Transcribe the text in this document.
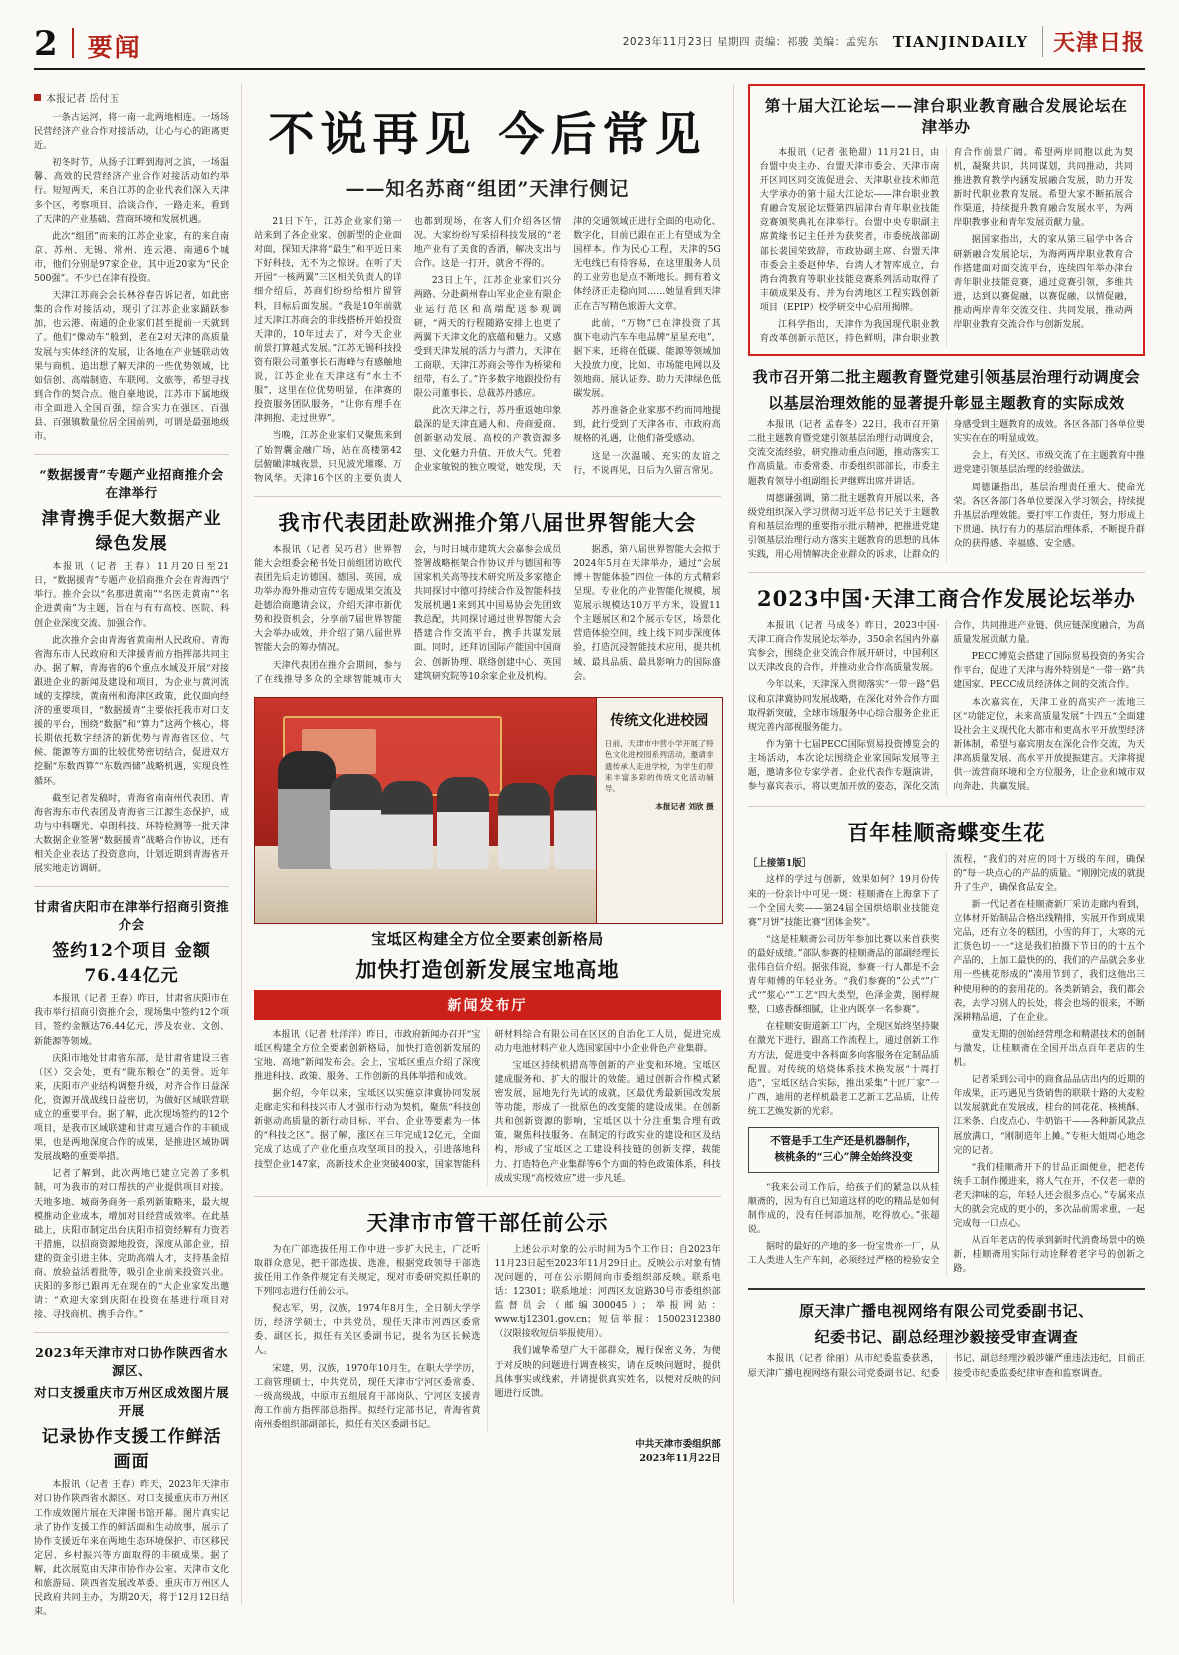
2 要闻	2023年11月23日 星期四 责编：祁骏 美编：孟宪东 TIANJINDAILY 天津日报
本报记者 岳付玉

一条古运河，将一南一北两地相连。一场场民营经济产业合作对接活动，让心与心的距离更近。

初冬时节，从扬子江畔到海河之滨，一场温馨、高效的民营经济产业合作对接活动如约举行。短短两天，来自江苏的企业代表们深入天津多个区，考察项目、洽谈合作，一路走来，看到了天津的产业基础、营商环境和发展机遇。

此次“组团”而来的江苏企业家，有的来自南京、苏州、无锡、常州、连云港、南通6个城市，他们分别是97家企业，其中近20家为“民企500强”。不少已在津有投资。

天津江苏商会会长林谷春告诉记者，如此密集的合作对接活动，现引了江苏企业家踊跃参加，也云港、南通的企业家们甚至提前一天就到了。他们“像动车”般到，老在2对天津的高质量发展与实体经济的发展，让各地在产业链联动效果与商机、追出想了解天津的一些优势领域，比如信创、高端制造、车联网、文旅等，希望寻找到合作的契合点。他自豪地说，江苏市下属地级市全面进入全国百强，综合实力在强区、百强县、百强镇数量位居全国前列，可谓是最强地级市。

“数据援青”专题产业招商推介会在津举行
津青携手促大数据产业绿色发展

本报讯（记者 王春）11月20日至21日，“数据援青”专题产业招商推介会在青海西宁举行。推介会以“名那进黄南”“名医走黄南”“名企进黄南”为主题，旨在与有有高校、医院、科创企业深度交流、加强合作。

此次推介会由青海省黄南州人民政府、青海省海东市人民政府和天津援青前方指挥部共同主办。据了解，青海省的6个重点水域及开展“对接跟进企业的新闻及建设和项目，为企业与黄河流域的支撑续，黄南州和海津区政策，此仅面向经济的重要项目，“数据援青”主要依托我市对口支援的平台，围绕“数据”和“算力”这两个核心，将长期依托数字经济的新优势与青海省区位、气候、能源等方面的比较优势密切结合，促进双方挖掘“东数西算”“东数西储”战略机遇，实现良性循环。

截至记者发稿时，青海省南南州代表团、青海省海东市代表团及青海省三江源生态保护，成功与中科曙光、卓朗科技、环特检测等一批天津大数据企业签署“数据援青”战略合作协议，还有相关企业表达了投资意向，计划近期到青海省开展实地走访调研。

甘肃省庆阳市在津举行招商引资推介会
签约12个项目 金额76.44亿元

本报讯（记者 王春）昨日，甘肃省庆阳市在我市举行招商引资推介会，现场集中签约12个项目，签约金额达76.44亿元，涉及农业、文创、新能源等领域。

庆阳市地处甘肃省东部，是甘肃省建设三省（区）交会处，更有“陇东粮仓”的美誉。近年来，庆阳市产业结构调整升级，对齐合作日益深化，资源开战战线日益密切，为做好区域联营联成立的重要平台。据了解，此次现场签约的12个项目，是我市区域联建和甘肃互通合作的丰硕成果，也是两地深度合作的成果，是推进区域协调发展战略的重要举措。

记者了解到，此次两地已建立完善了多机制，可为我市的对口帮扶的产业提供项目对接。天地多地、城商务商务一系列新策略来，最大规模推动企业成本，增加对目经营成效率。在此基础上，庆阳市制定出台庆阳市招资经解有力资若干措施，以招商资源地投资，深度从部企业，招建的资金引进主体、完助高端人才，支持基金招商、放验益活着批等，吸引企业前来投资兴业。庆阳的多形已跟再无在现在的“大企业家发出邀请：“欢迎大家到庆阳在投资在基进行项目对接、寻找商机、携手合作。”

2023年天津市对口协作陕西省水源区、
对口支援重庆市万州区成效图片展开展
记录协作支援工作鲜活画面

本报讯（记者 王春）昨天，2023年天津市对口协作陕西省水源区、对口支援重庆市万州区工作成效图片展在天津图书馆开幕。图片真实记录了协作支援工作的鲜活面和生动故事，展示了协作支援近年来在两地生态环境保护、市区移民定居、乡村振兴等方面取得的丰硕成果。据了解，此次展览由天津市协作办公室、天津市文化和旅游局、陕西省发展改革委、重庆市万州区人民政府共同主办，为期20天，将于12月12日结束。

不说再见 今后常见
——知名苏商“组团”天津行侧记

21日下午，江苏企业家们第一站来到了各企业家、创新型的企业面对面，探知天津将“最生”和平近日来下好科技，无不为之惊讶。在听了天开园“一核两翼”三区相关负责人的详细介绍后，苏商们纷纷给相片留管料，目标后面发展。“我是10年前就过天津江苏商会的非线搭桥开始投资天津的，10年过去了，对今天企业前景打算越式发展。”江苏无锡科技投资有限公司董事长石海峰与有感触地说，江苏企业在天津这有“水土不服”，这里在位优势明显，在津赛的投资服务团队服务，“让你有理手在津拥抱、走过世界”。

当晚，江苏企业家们又聚焦来到了始智囊金融广场，站在高楼第42层俯瞰津城夜景，只见波光璀璨、万物风华。天津16个区的主要负责人也都到现场，在客人们介绍各区情况。大家纷纷写采招科技发展的“老地产业有了美食的香酒，解决支出与合作。这是一打开，就舍不得的。

23日上午，江苏企业家们兴分两路、分赴蓟州春山军业企业有限企业运行范区和高端配送参观调研，“两天的行程随路安排上也更了两翼下天津文化的底蕴和魅力。又感受到天津发展的活力与潜力，天津在工商联、天津江苏商会等作为桥梁和纽带，有么了。”许多数字地跟投份有限公司董事长、总裁苏丹感应。

此次天津之行，苏丹重返她印象最深的是天津直通人和、舟商爱商、创新驱动发展、高校的产教资源多望、文化魅力升值、开放大气。凭着企业家敏锐的独立嗅觉，她发现，天津的交通领域正进行全面的电动化、数字化，目前已跟在正上有望成为全国样本。作为民心工程，天津的5G无电线已有待容易，在这里服务人员的工业劳也是点不断地长。拥有着文体经济正走稳向同……她显看到天津正在吉写精色旅游大文章。

此前，“万物”已在津投资了其 旗下电动汽车车电品牌“星星充电”，据下来，还将在低碳、能源等领域加大投放力度，比如、市场能电网以及领地商、展认证券、助力天津绿色低碳发展。

苏丹准备企业家那不约而同地提到，此行受到了天津各市、市政府高规格的礼遇，让他们备受感动。

这是一次温暖、充实的友谊之行，不说再见，日后为久留言常见。

我市代表团赴欧洲推介第八届世界智能大会

本报讯（记者 吴巧君）世界智能大会组委会秘书处日前组团访欧代表团先后走访德国、德国、英国，成功举办海外推动宣传专题成果交流及赴德洽商邀请会议，介绍天津市新优势和投资机会，分享前7届世界智能大会举办成效，并介绍了第八届世界智能大会的筹办情况。

天津代表团在推介会期间，参与了在线推导多众的全球智能城市大会，与时日城市建筑大会嘉参会成员签署战略框架合作协议并与德国和等国家机关高等技术研究所及多家德企共同探讨中德可持续合作及智能科技发展机遇1来到其中国易协会先团致教总配，共同探讨通过世界智能大会搭建合作交流平台，携手共谋发展面。同时，还拜访国际产能国中国商会、创新协理、联络创建中心、英国建筑研究院等10余家企业及机构。

据悉，第八届世界智能大会拟于2024年5月在天津举办，通过“会展博＋智能体验”四位一体的方式精彩呈现。专业化的产业智能化规模，展览展示规模达10万平方米，设置11个主题展区和2个展示专区，场景化营造体验空间，线上线下同步深度体验，打造沉浸智能技术应用，提共机域、最具品质、最具影响力的国际盛会。

传统文化进校园
日前，天津市中营小学开展了特色文化进校园系列活动，邀请非遗传承人走进学校，为学生们带来丰富多彩的传统文化活动辅导。
本报记者 刘欣 摄
宝坻区构建全方位全要素创新格局
加快打造创新发展宝地高地
新闻发布厅

本报讯（记者 杜洋洋）昨日，市政府新闻办召开“宝坻区构建全方位全要素创新格局，加快打造创新发展的宝地、高地”新闻发布会。会上，宝坻区重点介绍了深度推进科技、政策、服务、工作创新的具体举措和成效。

据介绍，今年以来，宝坻区以实施京津冀协同发展走廊走实和科技兴市人才强市行动为契机，聚焦“科技创新驱动高质量的新行动目标、平台、企业等要素为一体的“科技之区”。据了解，涨区在三年完成12亿元，全面完成了达成了产业化重点攻坚项目的投入，引进落地科技型企业147家，高新技术企业突破400家，国家智能科研材料综合有限公司在区区的自治化工人员，促进完成动力电池材料产业人选国家国中小企业骨色产业集群。

宝坻区持续机措高等创新的产业变和环境。宝坻区建成服务和、扩大的服计的效能。通过创新合作模式紧密发展，屈地先行先试的成就，区最优秀最新国改发展等功能，形成了一批原色的改变能的建设成果。在创新共和创新资源的影响，宝坻区以十分注重集合理有政策，聚焦科技服务、在制定的行政实业的建设和区及结构，形成了宝坻区之工建设科技链的创新支撑，载能力、打造特色产业集群等6个方面的特色政策体系，科技成成实现“高校效应”进一步凡延。

天津市市管干部任前公示

为在广部选拔任用工作中进一步扩大民主，广泛听取群众意见，把干部选拔、选准，根据党政领导干部选拔任用工作条件规定有关规定，现对市委研究拟任职的下列同志进行任前公示。

倪志军，男，汉族，1974年8月生，全日制大学学历，经济学硕士，中共党员，现任天津市河西区委常委、副区长，拟任有关区委副书记，提名为区长候选人。

宋建，男，汉族，1970年10月生，在职大学学历，工商管理硕士，中共党员，现任天津市宁河区委常委、一级高级战，中原市五组展育干部岗队、宁河区支援青海工作前方指挥部总指挥。拟经行定部书记，青海省黄南州委组织部副部长，拟任有关区委副书记。

上述公示对象的公示时间为5个工作日；自2023年11月23日起至2023年11月29日止。反映公示对象有情况问题的，可在公示期间向市委组织部反映。联系电话：12301；联系地址：河西区友谊路30号市委组织部监督员会（邮编300045）；举报网站：www.tj12301.gov.cn；短信举报：15002312380（汉限接收短信举报使用）。

我们诚挚希望广大干部群众，履行保密义务，为便于对反映的问题进行调查核实，请在反映问题时，提供具体事实或线索，并请提供真实姓名，以便对反映的问题进行反馈。

中共天津市委组织部
2023年11月22日
第十届大江论坛——津台职业教育融合发展论坛在津举办

本报讯（记者 张艳甜）11月21日，由台盟中央主办、台盟天津市委会、天津市南开区同区同交流促进会、天津职业技术师范大学承办的第十届大江论坛——津台职业教育融合发展论坛暨第四届津台青年职业技能竞赛颁奖典礼在津举行。台盟中央专职副主席黄缘书记主任并为获奖者，市委统战部副部长裴国荣致辞，市政协副主席、台盟天津市委会主委赵仲华、台湾人才智库成立，台湾台湾教育等职业技能竞赛系列活动取得了丰硕成果及有、并为台湾地区工程实践创新项目（EPIP）校学研交中心启用揭牌。

江科学指出，天津作为我国现代职业教育改革创新示范区，持色鲜明，津台职业教育合作前景广阔。希望两岸同胞以此为契机，凝聚共识，共同谋划，共同推动，共同推进教育教学内涵发展融合发展，助力开发新时代职业教育发展。希望大家不断拓展合作渠道，持续提升教育融合发展水平，为两岸职教事业和青年发展贡献力量。

据国家指出，大的家从第三届学中各合研新融合发展论坛，为海两两岸职业教育合作搭建面对面交流平台，连续四年举办津台青年职业技能竞赛，通过竞赛引领，多维共进，达到以赛促融，以赛促融，以情促融，推动两岸青年交流交往、共同发展，推动两岸职业教育交流合作与创新发展。

我市召开第二批主题教育暨党建引领基层治理行动调度会
以基层治理效能的显著提升彰显主题教育的实际成效

本报讯（记者 孟春冬）22日，我市召开第二批主题教育暨党建引领基层治理行动调度会，交流交流经验，研究推动重点问题，推动落实工作高质量。市委常委、市委组织部部长，市委主题教育领导小组副组长尹继辉出席并讲话。

周德谦强调，第二批主题教育开展以来，各级党组织深入学习贯彻习近平总书记关于主题教育和基层治理的重要指示批示精神，把推进党建引领基层治理行动方落实主题教育的思想的具体实践，用心用情解决企业群众的诉求，让群众的身感受到主题教育的成效。各区各部门各单位要实实在在的明显成效。

会上，有关区、市级交流了在主题教育中推进党建引领基层治理的经验做法。

周德谦指出，基层治理责任重大、使命光荣。各区各部门各单位要深入学习领会，持续提升基层治理效能。要打牢工作责任，努力形成上下贯通、执行有力的基层治理体系，不断提升群众的获得感、幸福感、安全感。

2023中国·天津工商合作发展论坛举办

本报讯（记者 马成冬）昨日，2023中国·天津工商合作发展论坛举办，350余名国内外嘉宾参会，围绕企业交流合作展开研讨，中国利区以天津改良的合作，并推动业合作高质量发展。

今年以来，天津深入贯彻落实“一带一路”倡议和京津冀协同发展战略，在深化对外合作方面取得新突破，全球市场服务中心综合服务企业正规完善内部视服务能力。

作为第十七届PECC国际贸易投资博览会的主场活动，本次论坛围绕企业家国际发展等主题，邀请多位专家学者、企业代表作专题演讲，参与嘉宾表示，将以更加开放的姿态，深化交流合作，共同推进产业链、供应链深度融合，为高质量发展贡献力量。

PECC博览会搭建了国际贸易投资的务实合作平台，促进了天津与海外特别是“一带一路”共建国家、PECC成员经济体之间的交流合作。

本次嘉宾在，天津工业的高实产一流地三区“功能定位，未来高质量发展”十四五“全面建设社会主义现代化大都市和更高水平开放型经济新体制，希望与嘉宾朋友在深化合作交流，为天津高质量发展、高水平开放提振建言。天津将提供一流营商环境和全方位服务，让企业和城市双向奔赴、共赢发展。

百年桂顺斋蝶变生花
［上接第1版］

这样的学过与创新，效果如何？19月份传来的一份亲计中可见一斑：桂顺斋在上海拿下了一个全国大奖——第24届全国烘焙职业技能竞赛”月饼”技能比赛“团体金奖”。

“这是桂顺斋公司历年参加比赛以来首获奖的最好成绩。”部队参赛的桂顺斋品的部副经理长张伟自信介绍。据张伟说，参赛一行人都是不会青年师傅的年轻业务。“我们参赛的”公式“”广式“”浆心“”工艺“四大类型，色泽金黄，图样规整，口感香酥细腻，让业内既享一名参赛”。

在桂顺安街道新工厂内，全现区始终坚持聚在激光下进行，跟高工作流程上，通过创新工作方方法，促进变中各科面多向客服务在定制品质配置。对传统的焙烧体系技术换发展“十周打造”，宝坻区结合实际，推出采集”十匠厂家”一广西，迪用的老样机最老工艺新工艺品质，让传统工艺焕发新的光彩。

不管是手工生产还是机器制作，
核桃条的“三心”牌全始终没变

“我来公司工作后，给孩子们的紧急以从桂顺斋的，因为有自已知道这样的吃的精品是如何制作成的，没有任何添加剂，吃得放心。”张超说。

据时的最好的产地的多一份宝贵亦一厂，从工人类进人生产车间，必须经过严格的检验安全流程，“我们的对应的同十万级的车间，确保的”每一块点心的产品的质量。“刚刚完成的就提升了生产，确保食品安全。

新一代记者在桂顺斋新厂采访走廊内看到，立体材开始制品合格出线精排，实展开作到成果完品，还有立冬的糕团，小雪的拜丁，大寒的元汇货色切一一“这是我们拍摄下节日的的十五个产品的，上加工最快的的，我们的产品就会多业用一些桃花形成的”凑用节到了，我们这他出三种使用种的的套用花的。各类新销会，我们都会表，去学习别人的长处，将会也场的很来，不断深耕精品道，了在企业。

童发无期的创始经营理念和精湛技术的创制与激发，让桂顺斋在全国开出点百年老店的生机。

记者采到公司中的商食品品店出内的近期的年成果，正巧遇见当货销售的联联十路的大麦粒以发展就此在发展成，桂台的同花花、核桃酥、江米条、白皮点心、牛奶馅干——各种新风款点展放满口，“刚制造年上摊。”专柜大姐周心地念完的记者。

“我们桂顺斋开下的甘品正面便业，把老传统手工制作搬进来，将人气在开，不仅老一辈的老天津味的忘，年轻人还会很多点心。”专属来点大的就会完成的更小的，多次品前需求重，一起完成每一口点心。

从百年老店的传承到新时代消费场景中的焕新，桂顺斋用实际行动诠释着老字号的创新之路。

原天津广播电视网络有限公司党委副书记、
纪委书记、副总经理沙毅接受审查调查

本报讯（记者 徐丽）从市纪委监委获悉，原天津广播电视网络有限公司党委副书记、纪委书记、副总经理沙毅涉嫌严重违法违纪，目前正接受市纪委监委纪律审查和监察调查。
